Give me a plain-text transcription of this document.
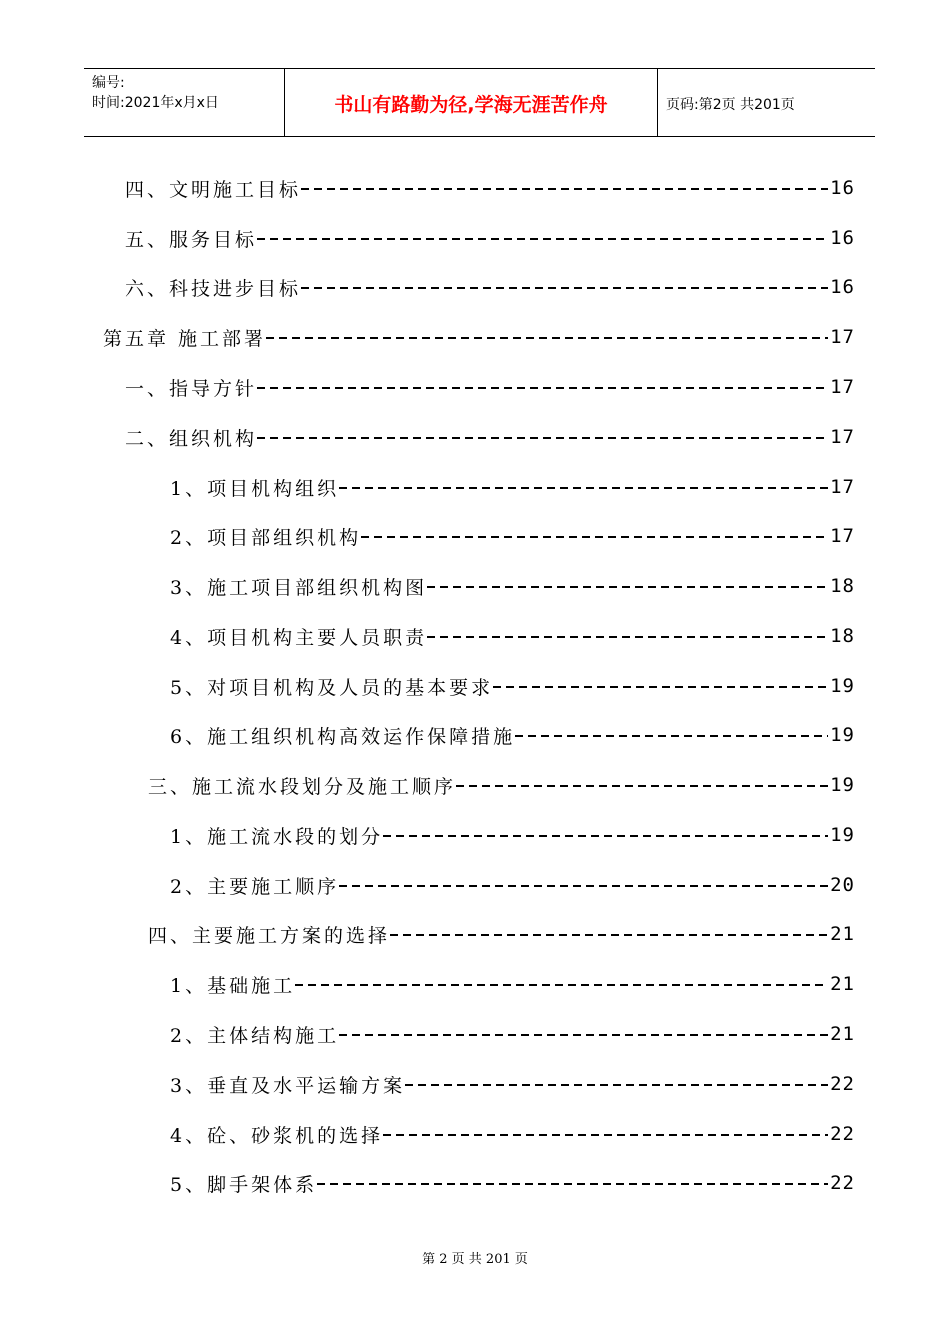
编号:
时间:2021年x月x日	书山有路勤为径,学海无涯苦作舟	页码:第2页 共201页
四、文明施工目标	16
五、服务目标	16
六、科技进步目标	16
第五章 施工部署	17
一、指导方针	17
二、组织机构	17
1、项目机构组织	17
2、项目部组织机构	17
3、施工项目部组织机构图	18
4、项目机构主要人员职责	18
5、对项目机构及人员的基本要求	19
6、施工组织机构高效运作保障措施	19
三、施工流水段划分及施工顺序	19
1、施工流水段的划分	19
2、主要施工顺序	20
四、主要施工方案的选择	21
1、基础施工	21
2、主体结构施工	21
3、垂直及水平运输方案	22
4、砼、砂浆机的选择	22
5、脚手架体系	22
第 2 页 共 201 页
